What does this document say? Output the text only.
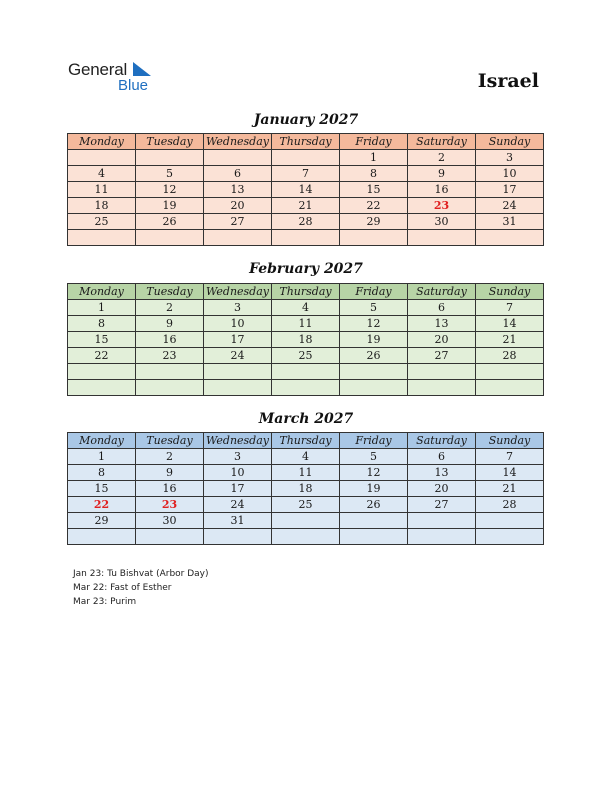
General
Blue	Israel
January 2027
Monday	Tuesday	Wednesday	Thursday	Friday	Saturday	Sunday
				1	2	3
4	5	6	7	8	9	10
11	12	13	14	15	16	17
18	19	20	21	22	23	24
25	26	27	28	29	30	31

February 2027
Monday	Tuesday	Wednesday	Thursday	Friday	Saturday	Sunday
1	2	3	4	5	6	7
8	9	10	11	12	13	14
15	16	17	18	19	20	21
22	23	24	25	26	27	28

March 2027
Monday	Tuesday	Wednesday	Thursday	Friday	Saturday	Sunday
1	2	3	4	5	6	7
8	9	10	11	12	13	14
15	16	17	18	19	20	21
22	23	24	25	26	27	28
29	30	31				

Jan 23: Tu Bishvat (Arbor Day)
Mar 22: Fast of Esther
Mar 23: Purim
